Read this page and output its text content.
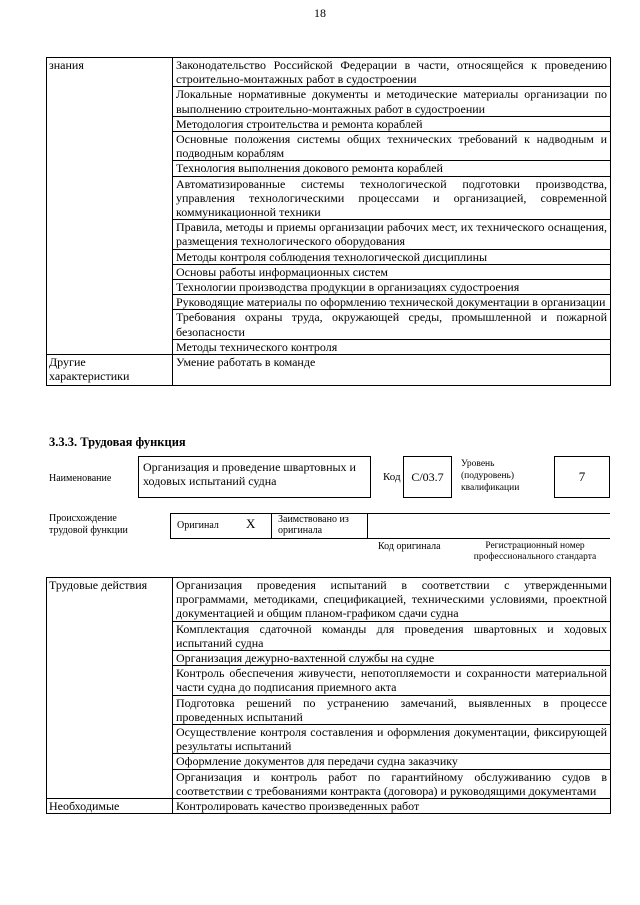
18
знания	Законодательство Российской Федерации в части, относящейся к проведению строительно-монтажных работ в судостроении
	Локальные нормативные документы и методические материалы организации по выполнению строительно-монтажных работ в судостроении
	Методология строительства и ремонта кораблей
	Основные положения системы общих технических требований к надводным и подводным кораблям
	Технология выполнения докового ремонта кораблей
	Автоматизированные системы технологической подготовки производства, управления технологическими процессами и организацией, современной коммуникационной техники
	Правила, методы и приемы организации рабочих мест, их технического оснащения, размещения технологического оборудования
	Методы контроля соблюдения технологической дисциплины
	Основы работы информационных систем
	Технологии производства продукции в организациях судостроения
	Руководящие материалы по оформлению технической документации в организации
	Требования охраны труда, окружающей среды, промышленной и пожарной безопасности
	Методы технического контроля
Другие характеристики	Умение работать в команде
3.3.3. Трудовая функция
Наименование
Организация и проведение швартовных и ходовых испытаний судна	Код C/03.7
Уровень (подуровень) квалификации
7
Происхождение трудовой функции	Оригинал X Заимствовано из оригинала
Код оригинала	Регистрационный номер профессионального стандарта
Трудовые действия	Организация проведения испытаний в соответствии с утвержденными программами, методиками, спецификацией, техническими условиями, проектной документацией и общим планом-графиком сдачи судна
	Комплектация сдаточной команды для проведения швартовных и ходовых испытаний судна
	Организация дежурно-вахтенной службы на судне
	Контроль обеспечения живучести, непотопляемости и сохранности материальной части судна до подписания приемного акта
	Подготовка решений по устранению замечаний, выявленных в процессе проведенных испытаний
	Осуществление контроля составления и оформления документации, фиксирующей результаты испытаний
	Оформление документов для передачи судна заказчику
	Организация и контроль работ по гарантийному обслуживанию судов в соответствии с требованиями контракта (договора) и руководящими документами
Необходимые	Контролировать качество произведенных работ
